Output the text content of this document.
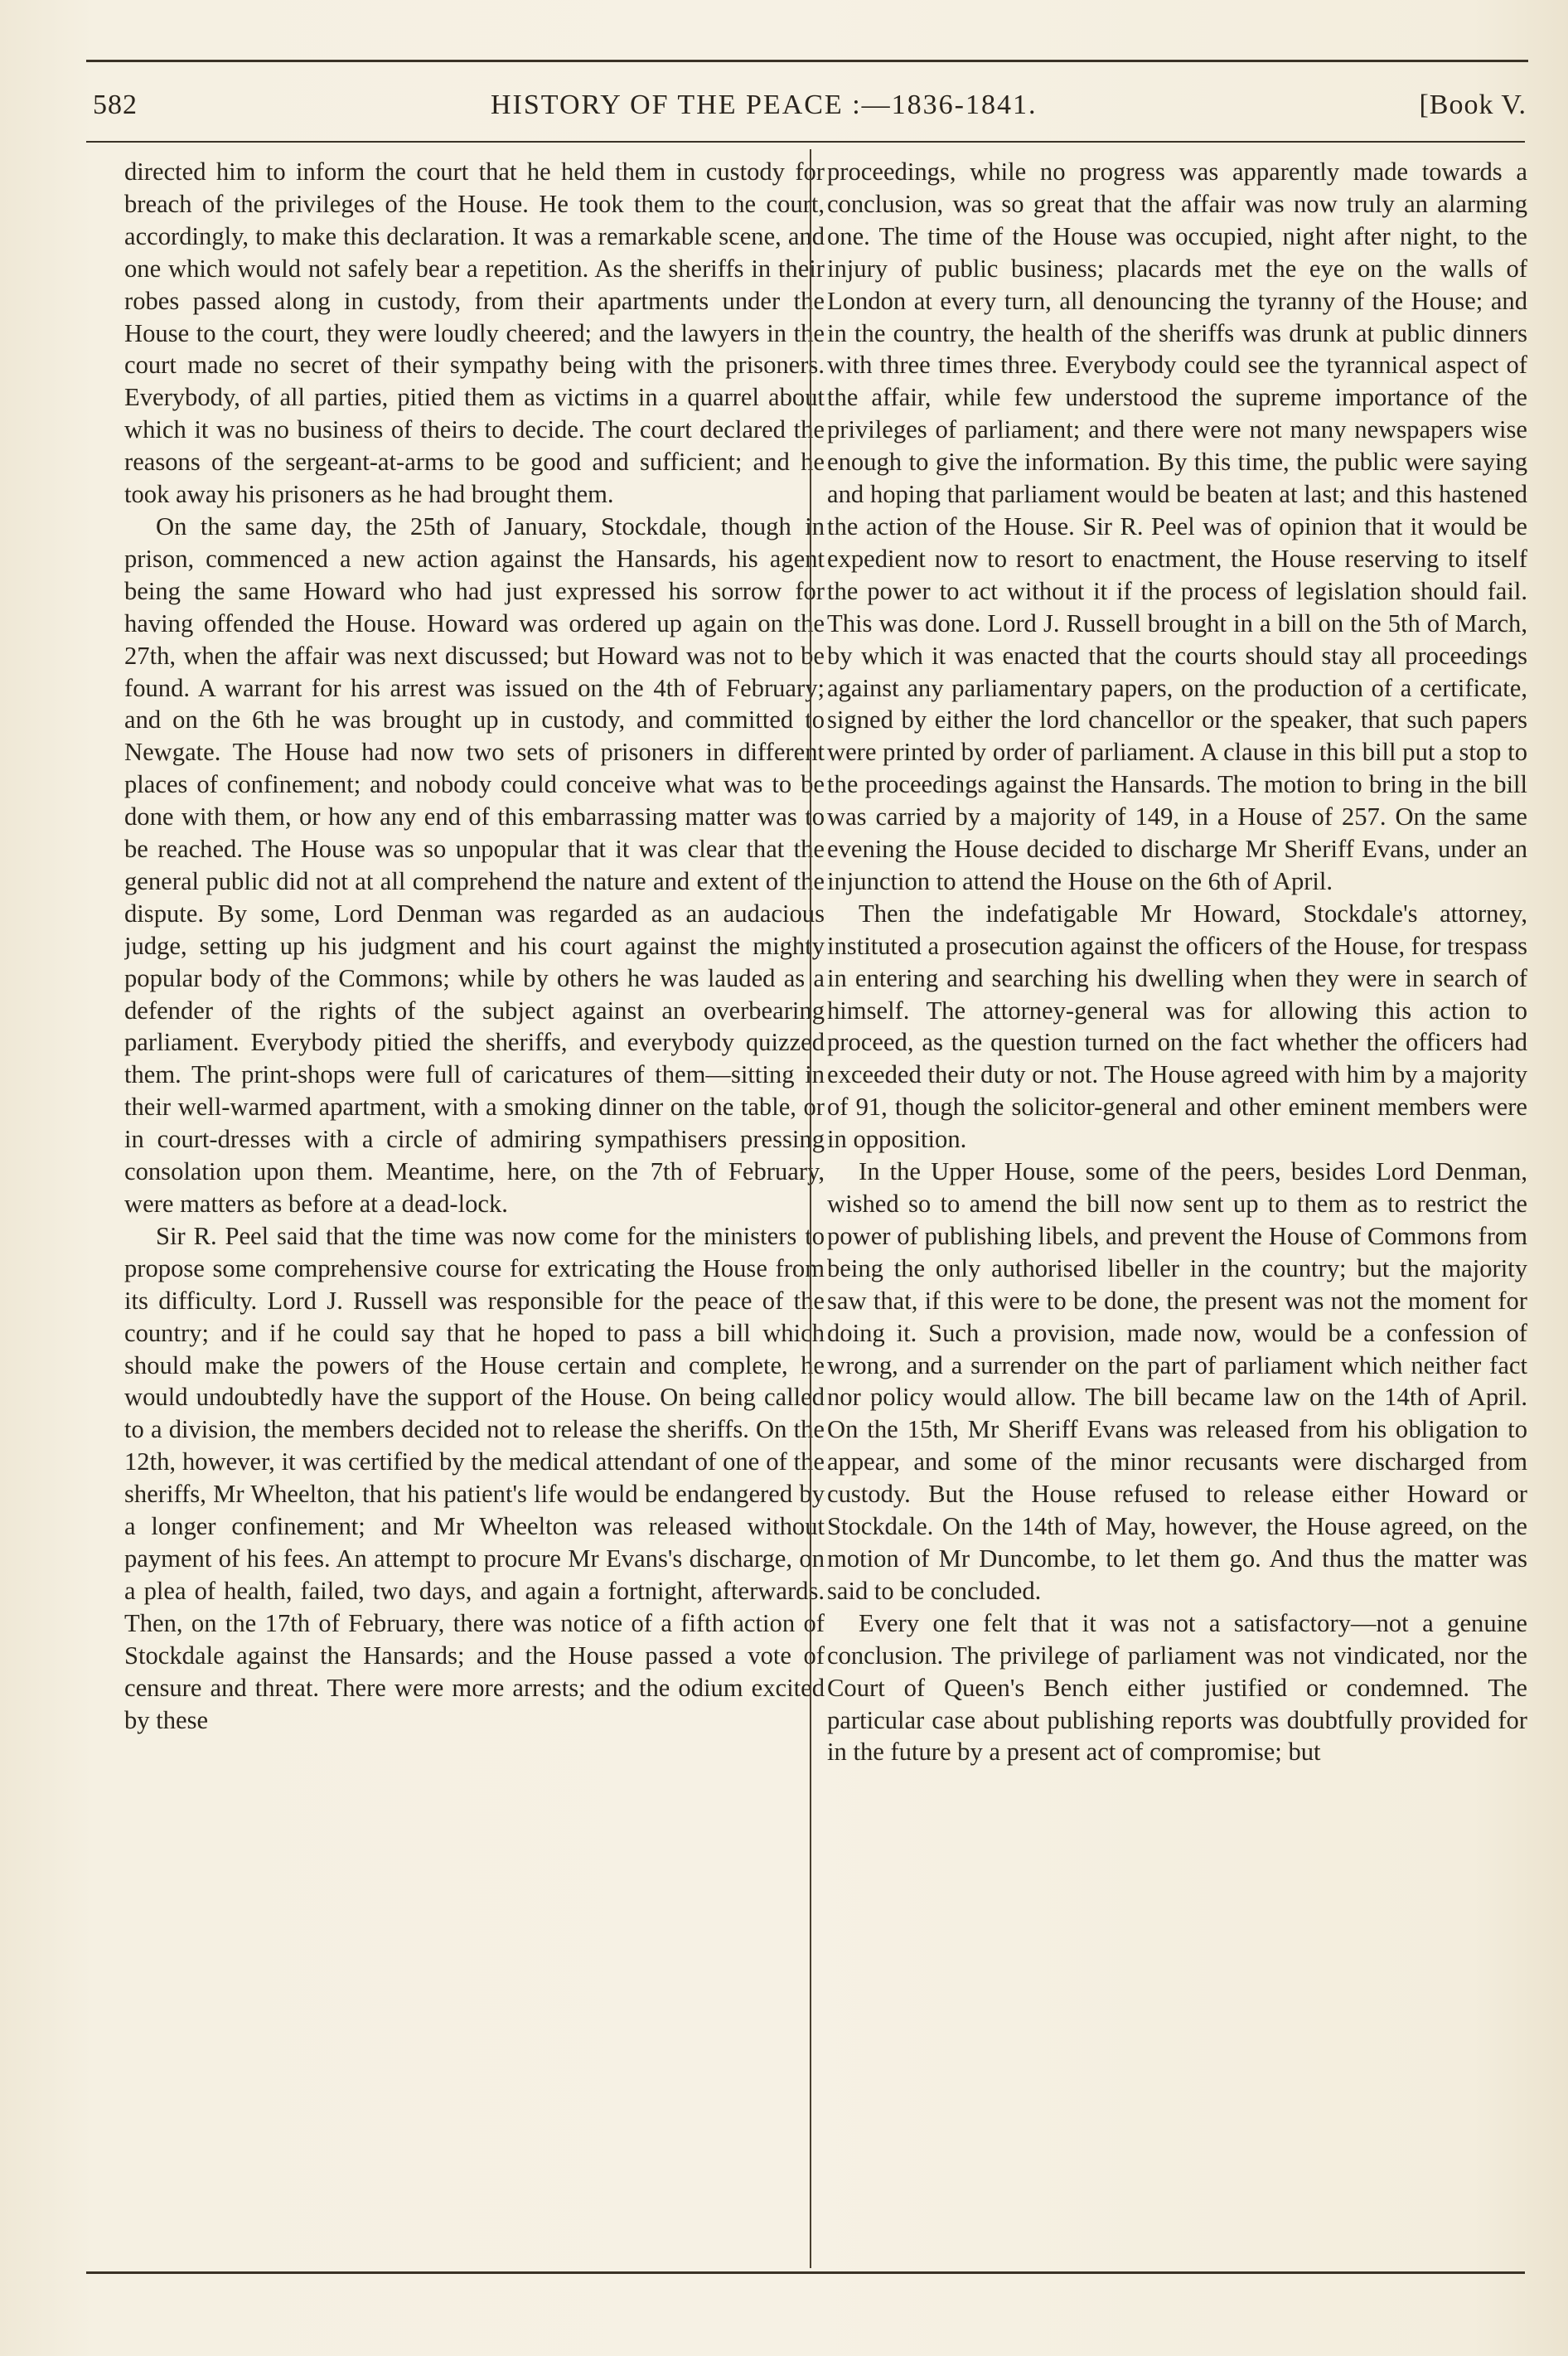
582	HISTORY OF THE PEACE :—1836-1841.	[Book V.

directed him to inform the court that he held them in custody for breach of the privileges of the House. He took them to the court, accordingly, to make this declaration. It was a remarkable scene, and one which would not safely bear a repetition. As the sheriffs in their robes passed along in custody, from their apartments under the House to the court, they were loudly cheered; and the lawyers in the court made no secret of their sympathy being with the prisoners. Everybody, of all parties, pitied them as victims in a quarrel about which it was no business of theirs to decide. The court declared the reasons of the sergeant-at-arms to be good and sufficient; and he took away his prisoners as he had brought them.

On the same day, the 25th of January, Stockdale, though in prison, commenced a new action against the Hansards, his agent being the same Howard who had just expressed his sorrow for having offended the House. Howard was ordered up again on the 27th, when the affair was next discussed; but Howard was not to be found. A warrant for his arrest was issued on the 4th of February; and on the 6th he was brought up in custody, and committed to Newgate. The House had now two sets of prisoners in different places of confinement; and nobody could conceive what was to be done with them, or how any end of this embarrassing matter was to be reached. The House was so unpopular that it was clear that the general public did not at all comprehend the nature and extent of the dispute. By some, Lord Denman was regarded as an audacious judge, setting up his judgment and his court against the mighty popular body of the Commons; while by others he was lauded as a defender of the rights of the subject against an overbearing parliament. Everybody pitied the sheriffs, and everybody quizzed them. The print-shops were full of caricatures of them—sitting in their well-warmed apartment, with a smoking dinner on the table, or in court-dresses with a circle of admiring sympathisers pressing consolation upon them. Meantime, here, on the 7th of February, were matters as before at a dead-lock.

Sir R. Peel said that the time was now come for the ministers to propose some comprehensive course for extricating the House from its difficulty. Lord J. Russell was responsible for the peace of the country; and if he could say that he hoped to pass a bill which should make the powers of the House certain and complete, he would undoubtedly have the support of the House. On being called to a division, the members decided not to release the sheriffs. On the 12th, however, it was certified by the medical attendant of one of the sheriffs, Mr Wheelton, that his patient's life would be endangered by a longer confinement; and Mr Wheelton was released without payment of his fees. An attempt to procure Mr Evans's discharge, on a plea of health, failed, two days, and again a fortnight, afterwards. Then, on the 17th of February, there was notice of a fifth action of Stockdale against the Hansards; and the House passed a vote of censure and threat. There were more arrests; and the odium excited by these

proceedings, while no progress was apparently made towards a conclusion, was so great that the affair was now truly an alarming one. The time of the House was occupied, night after night, to the injury of public business; placards met the eye on the walls of London at every turn, all denouncing the tyranny of the House; and in the country, the health of the sheriffs was drunk at public dinners with three times three. Everybody could see the tyrannical aspect of the affair, while few understood the supreme importance of the privileges of parliament; and there were not many newspapers wise enough to give the information. By this time, the public were saying and hoping that parliament would be beaten at last; and this hastened the action of the House. Sir R. Peel was of opinion that it would be expedient now to resort to enactment, the House reserving to itself the power to act without it if the process of legislation should fail. This was done. Lord J. Russell brought in a bill on the 5th of March, by which it was enacted that the courts should stay all proceedings against any parliamentary papers, on the production of a certificate, signed by either the lord chancellor or the speaker, that such papers were printed by order of parliament. A clause in this bill put a stop to the proceedings against the Hansards. The motion to bring in the bill was carried by a majority of 149, in a House of 257. On the same evening the House decided to discharge Mr Sheriff Evans, under an injunction to attend the House on the 6th of April.

Then the indefatigable Mr Howard, Stockdale's attorney, instituted a prosecution against the officers of the House, for trespass in entering and searching his dwelling when they were in search of himself. The attorney-general was for allowing this action to proceed, as the question turned on the fact whether the officers had exceeded their duty or not. The House agreed with him by a majority of 91, though the solicitor-general and other eminent members were in opposition.

In the Upper House, some of the peers, besides Lord Denman, wished so to amend the bill now sent up to them as to restrict the power of publishing libels, and prevent the House of Commons from being the only authorised libeller in the country; but the majority saw that, if this were to be done, the present was not the moment for doing it. Such a provision, made now, would be a confession of wrong, and a surrender on the part of parliament which neither fact nor policy would allow. The bill became law on the 14th of April. On the 15th, Mr Sheriff Evans was released from his obligation to appear, and some of the minor recusants were discharged from custody. But the House refused to release either Howard or Stockdale. On the 14th of May, however, the House agreed, on the motion of Mr Duncombe, to let them go. And thus the matter was said to be concluded.

Every one felt that it was not a satisfactory—not a genuine conclusion. The privilege of parliament was not vindicated, nor the Court of Queen's Bench either justified or condemned. The particular case about publishing reports was doubtfully provided for in the future by a present act of compromise; but
